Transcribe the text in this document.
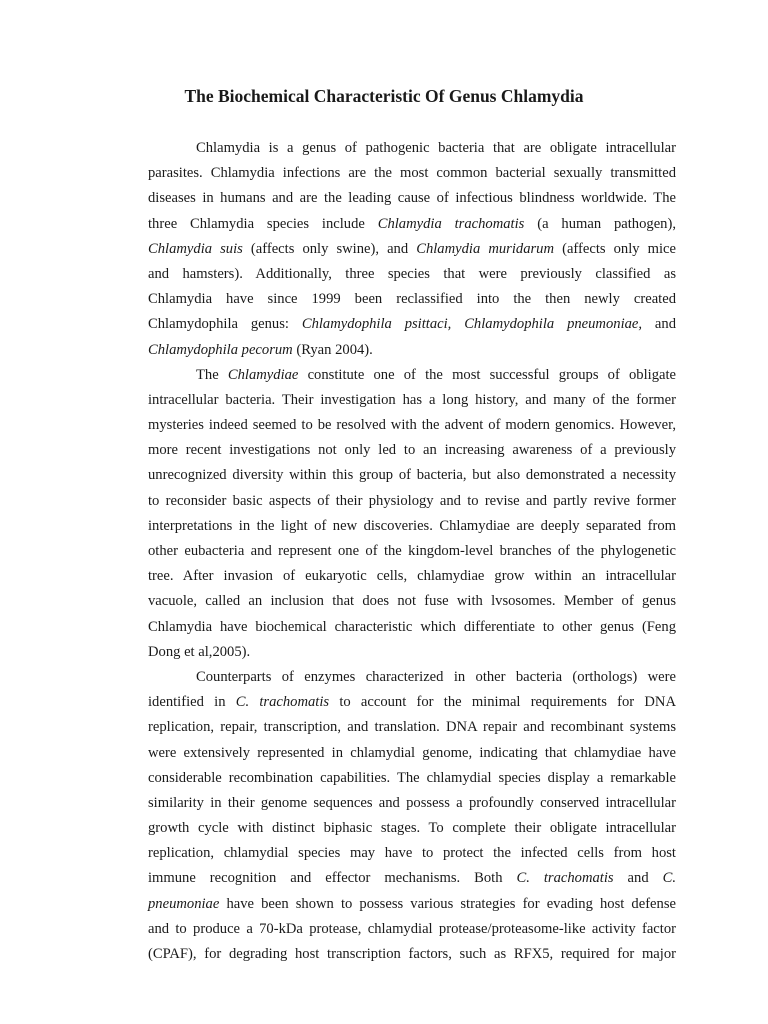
The Biochemical Characteristic Of Genus Chlamydia
Chlamydia is a genus of pathogenic bacteria that are obligate intracellular
parasites. Chlamydia infections are the most common bacterial sexually transmitted
diseases in humans and are the leading cause of infectious blindness worldwide. The
three Chlamydia species include Chlamydia trachomatis (a human pathogen),
Chlamydia suis (affects only swine), and Chlamydia muridarum (affects only mice
and hamsters). Additionally, three species that were previously classified as
Chlamydia have since 1999 been reclassified into the then newly created
Chlamydophila genus: Chlamydophila psittaci, Chlamydophila pneumoniae, and
Chlamydophila pecorum (Ryan 2004).
The Chlamydiae constitute one of the most successful groups of obligate
intracellular bacteria. Their investigation has a long history, and many of the former
mysteries indeed seemed to be resolved with the advent of modern genomics. However,
more recent investigations not only led to an increasing awareness of a previously
unrecognized diversity within this group of bacteria, but also demonstrated a necessity
to reconsider basic aspects of their physiology and to revise and partly revive former
interpretations in the light of new discoveries. Chlamydiae are deeply separated from
other eubacteria and represent one of the kingdom-level branches of the phylogenetic
tree. After invasion of eukaryotic cells, chlamydiae grow within an intracellular
vacuole, called an inclusion that does not fuse with lvsosomes. Member of genus
Chlamydia have biochemical characteristic which differentiate to other genus (Feng
Dong et al,2005).
Counterparts of enzymes characterized in other bacteria (orthologs) were
identified in C. trachomatis to account for the minimal requirements for DNA
replication, repair, transcription, and translation. DNA repair and recombinant systems
were extensively represented in chlamydial genome, indicating that chlamydiae have
considerable recombination capabilities. The chlamydial species display a remarkable
similarity in their genome sequences and possess a profoundly conserved intracellular
growth cycle with distinct biphasic stages. To complete their obligate intracellular
replication, chlamydial species may have to protect the infected cells from host
immune recognition and effector mechanisms. Both C. trachomatis and C.
pneumoniae have been shown to possess various strategies for evading host defense
and to produce a 70-kDa protease, chlamydial protease/proteasome-like activity factor
(CPAF), for degrading host transcription factors, such as RFX5, required for major
